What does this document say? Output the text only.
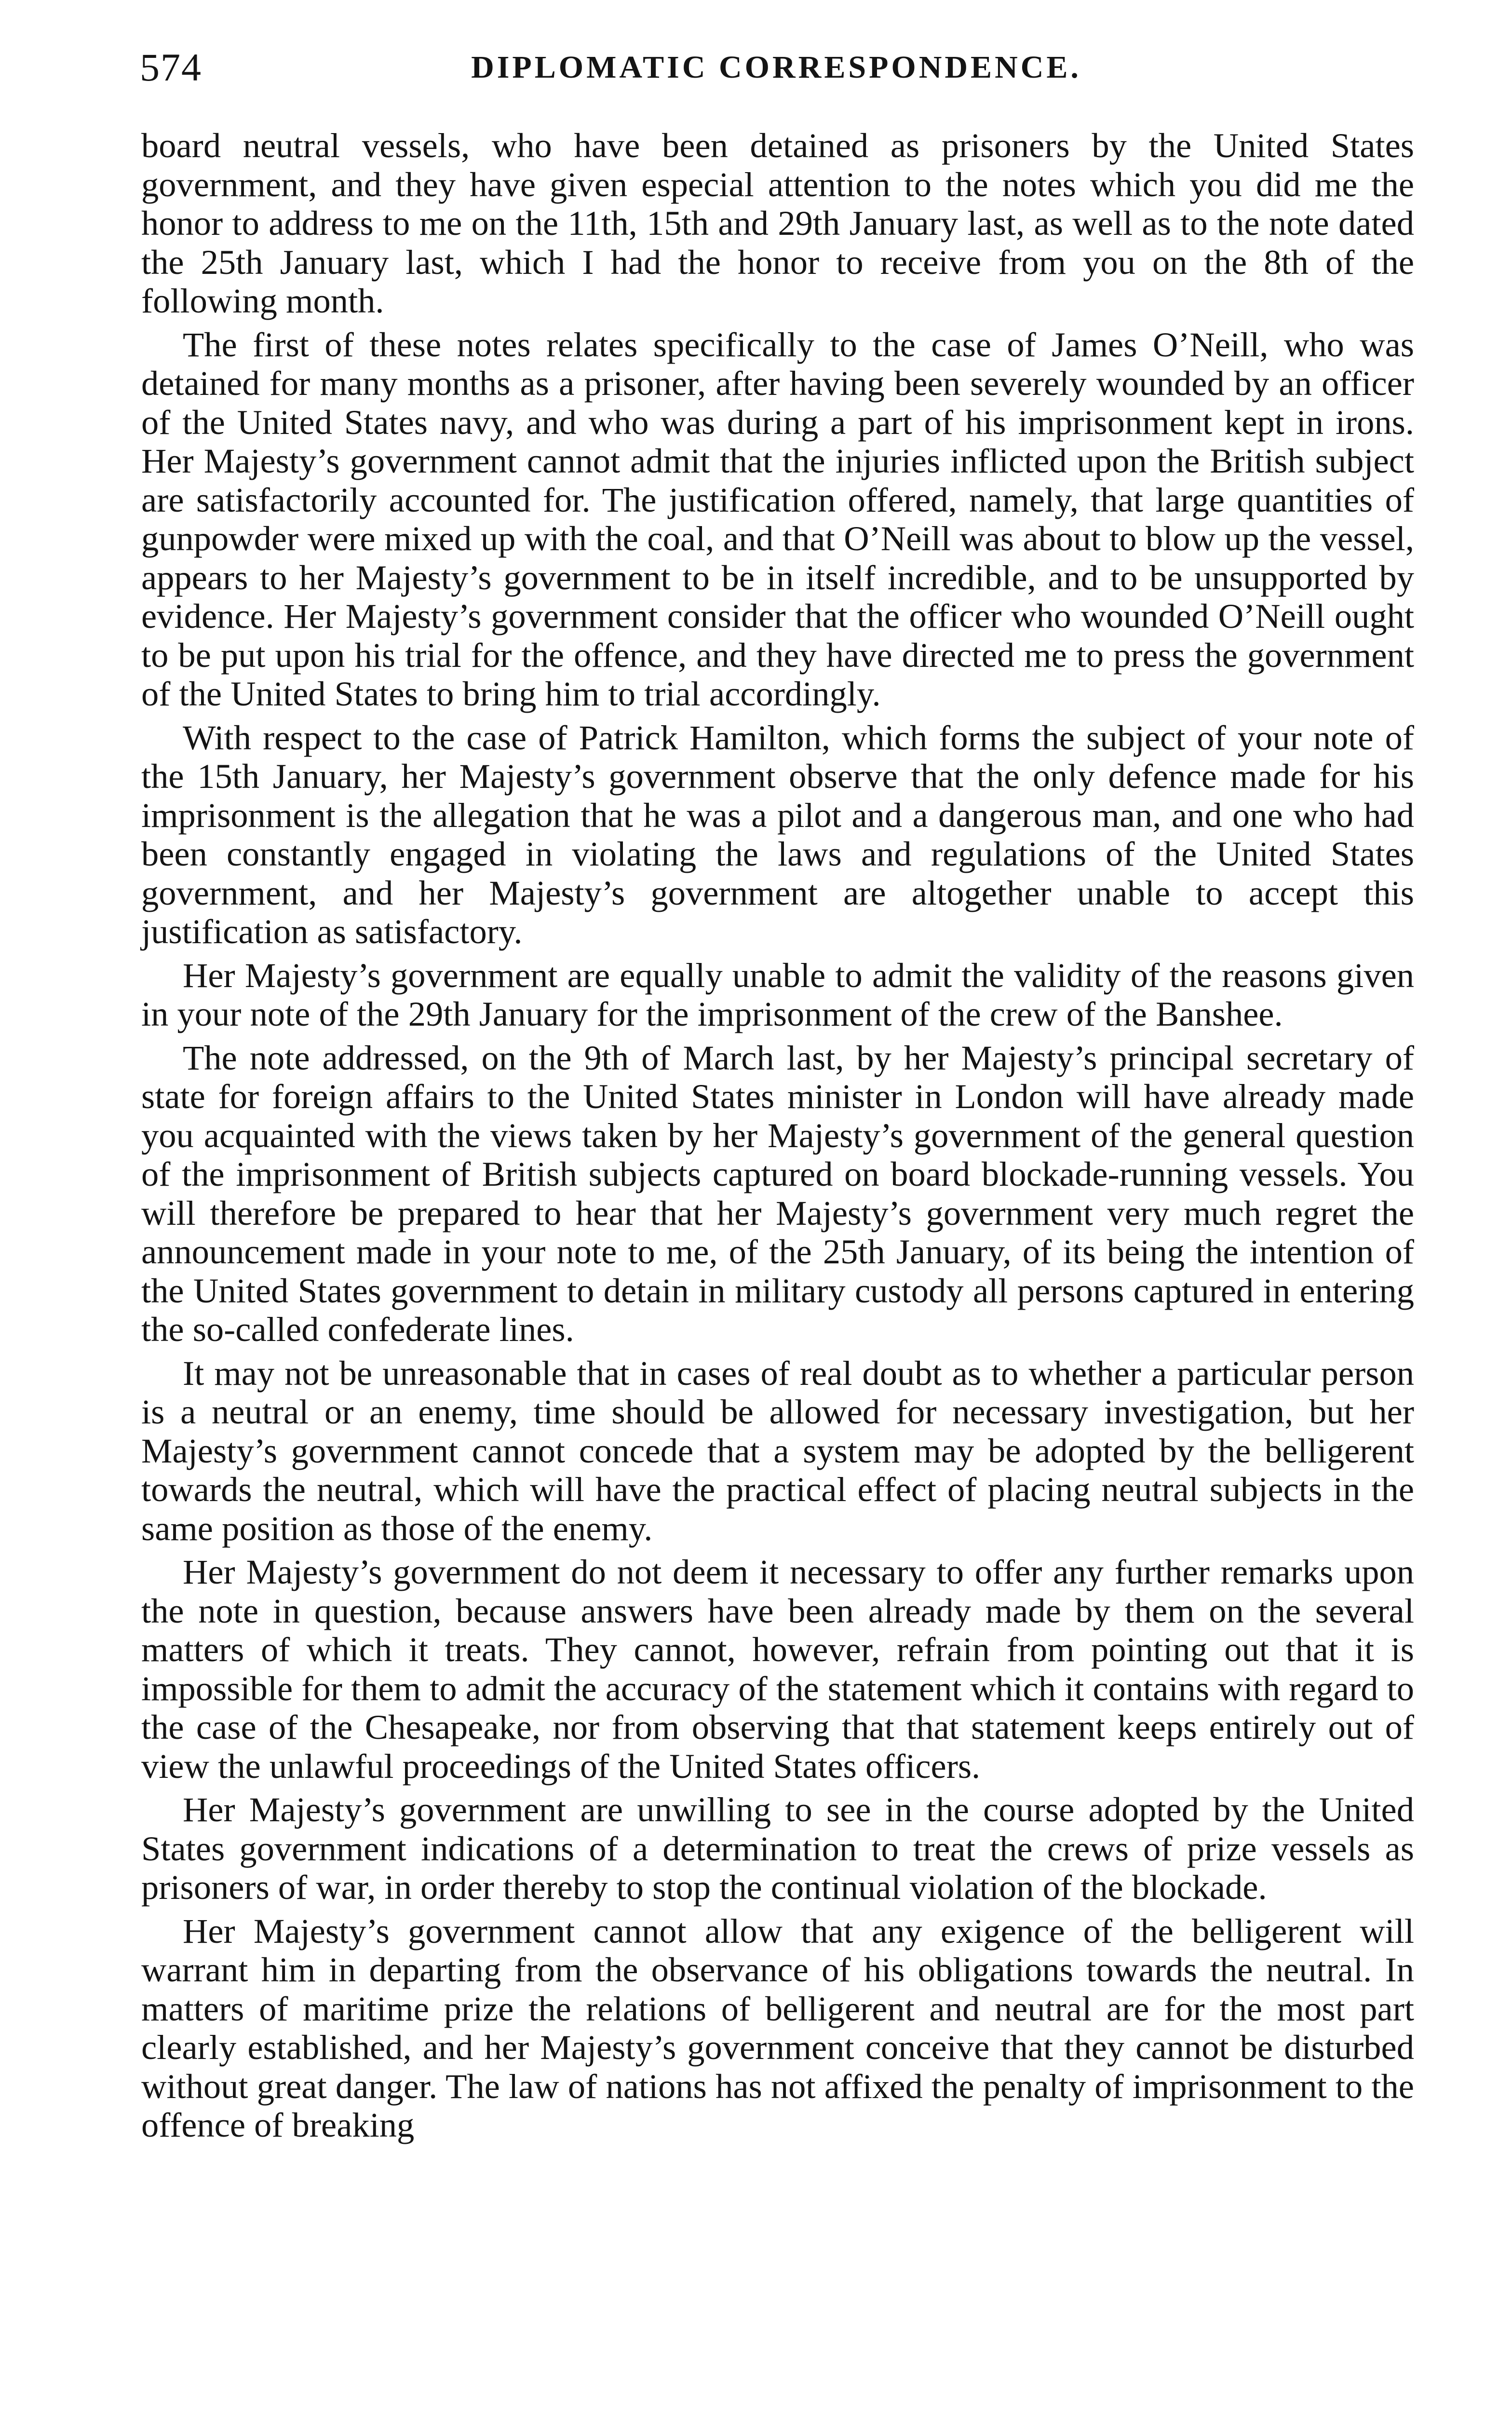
574	DIPLOMATIC CORRESPONDENCE.

board neutral vessels, who have been detained as prisoners by the United States government, and they have given especial attention to the notes which you did me the honor to address to me on the 11th, 15th and 29th January last, as well as to the note dated the 25th January last, which I had the honor to receive from you on the 8th of the following month.

The first of these notes relates specifically to the case of James O’Neill, who was detained for many months as a prisoner, after having been severely wounded by an officer of the United States navy, and who was during a part of his imprisonment kept in irons. Her Majesty’s government cannot admit that the injuries inflicted upon the British subject are satisfactorily accounted for. The justification offered, namely, that large quantities of gunpowder were mixed up with the coal, and that O’Neill was about to blow up the vessel, appears to her Majesty’s government to be in itself incredible, and to be unsupported by evidence. Her Majesty’s government consider that the officer who wounded O’Neill ought to be put upon his trial for the offence, and they have directed me to press the government of the United States to bring him to trial accordingly.

With respect to the case of Patrick Hamilton, which forms the subject of your note of the 15th January, her Majesty’s government observe that the only defence made for his imprisonment is the allegation that he was a pilot and a dangerous man, and one who had been constantly engaged in violating the laws and regulations of the United States government, and her Majesty’s government are altogether unable to accept this justification as satisfactory.

Her Majesty’s government are equally unable to admit the validity of the reasons given in your note of the 29th January for the imprisonment of the crew of the Banshee.

The note addressed, on the 9th of March last, by her Majesty’s principal secretary of state for foreign affairs to the United States minister in London will have already made you acquainted with the views taken by her Majesty’s government of the general question of the imprisonment of British subjects captured on board blockade-running vessels. You will therefore be prepared to hear that her Majesty’s government very much regret the announcement made in your note to me, of the 25th January, of its being the intention of the United States government to detain in military custody all persons captured in entering the so-called confederate lines.

It may not be unreasonable that in cases of real doubt as to whether a particular person is a neutral or an enemy, time should be allowed for necessary investigation, but her Majesty’s government cannot concede that a system may be adopted by the belligerent towards the neutral, which will have the practical effect of placing neutral subjects in the same position as those of the enemy.

Her Majesty’s government do not deem it necessary to offer any further remarks upon the note in question, because answers have been already made by them on the several matters of which it treats. They cannot, however, refrain from pointing out that it is impossible for them to admit the accuracy of the statement which it contains with regard to the case of the Chesapeake, nor from observing that that statement keeps entirely out of view the unlawful proceedings of the United States officers.

Her Majesty’s government are unwilling to see in the course adopted by the United States government indications of a determination to treat the crews of prize vessels as prisoners of war, in order thereby to stop the continual violation of the blockade.

Her Majesty’s government cannot allow that any exigence of the belligerent will warrant him in departing from the observance of his obligations towards the neutral. In matters of maritime prize the relations of belligerent and neutral are for the most part clearly established, and her Majesty’s government conceive that they cannot be disturbed without great danger. The law of nations has not affixed the penalty of imprisonment to the offence of breaking
